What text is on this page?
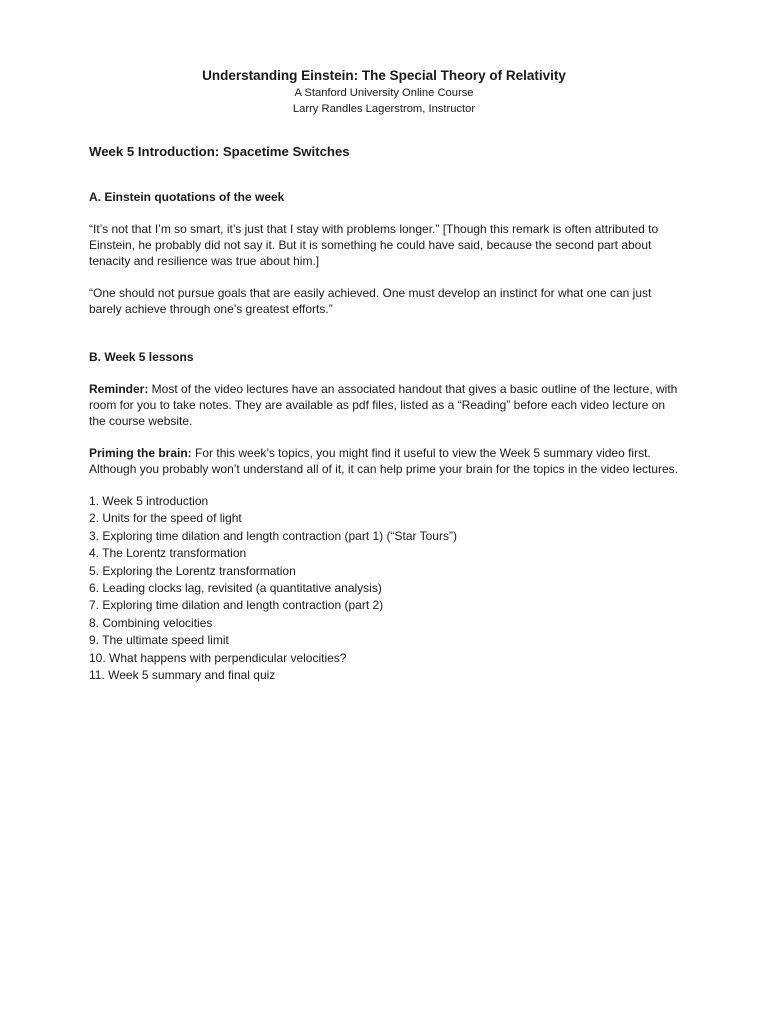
Understanding Einstein: The Special Theory of Relativity

A Stanford University Online Course

Larry Randles Lagerstrom, Instructor

Week 5 Introduction: Spacetime Switches

A. Einstein quotations of the week

“It’s not that I’m so smart, it’s just that I stay with problems longer.” [Though this remark is often attributed to Einstein, he probably did not say it. But it is something he could have said, because the second part about tenacity and resilience was true about him.]

“One should not pursue goals that are easily achieved. One must develop an instinct for what one can just barely achieve through one’s greatest efforts.”

B. Week 5 lessons

Reminder: Most of the video lectures have an associated handout that gives a basic outline of the lecture, with room for you to take notes. They are available as pdf files, listed as a “Reading” before each video lecture on the course website.

Priming the brain: For this week’s topics, you might find it useful to view the Week 5 summary video first. Although you probably won’t understand all of it, it can help prime your brain for the topics in the video lectures.

1. Week 5 introduction
2. Units for the speed of light
3. Exploring time dilation and length contraction (part 1) (“Star Tours”)
4. The Lorentz transformation
5. Exploring the Lorentz transformation
6. Leading clocks lag, revisited (a quantitative analysis)
7. Exploring time dilation and length contraction (part 2)
8. Combining velocities
9. The ultimate speed limit
10. What happens with perpendicular velocities?
11. Week 5 summary and final quiz
